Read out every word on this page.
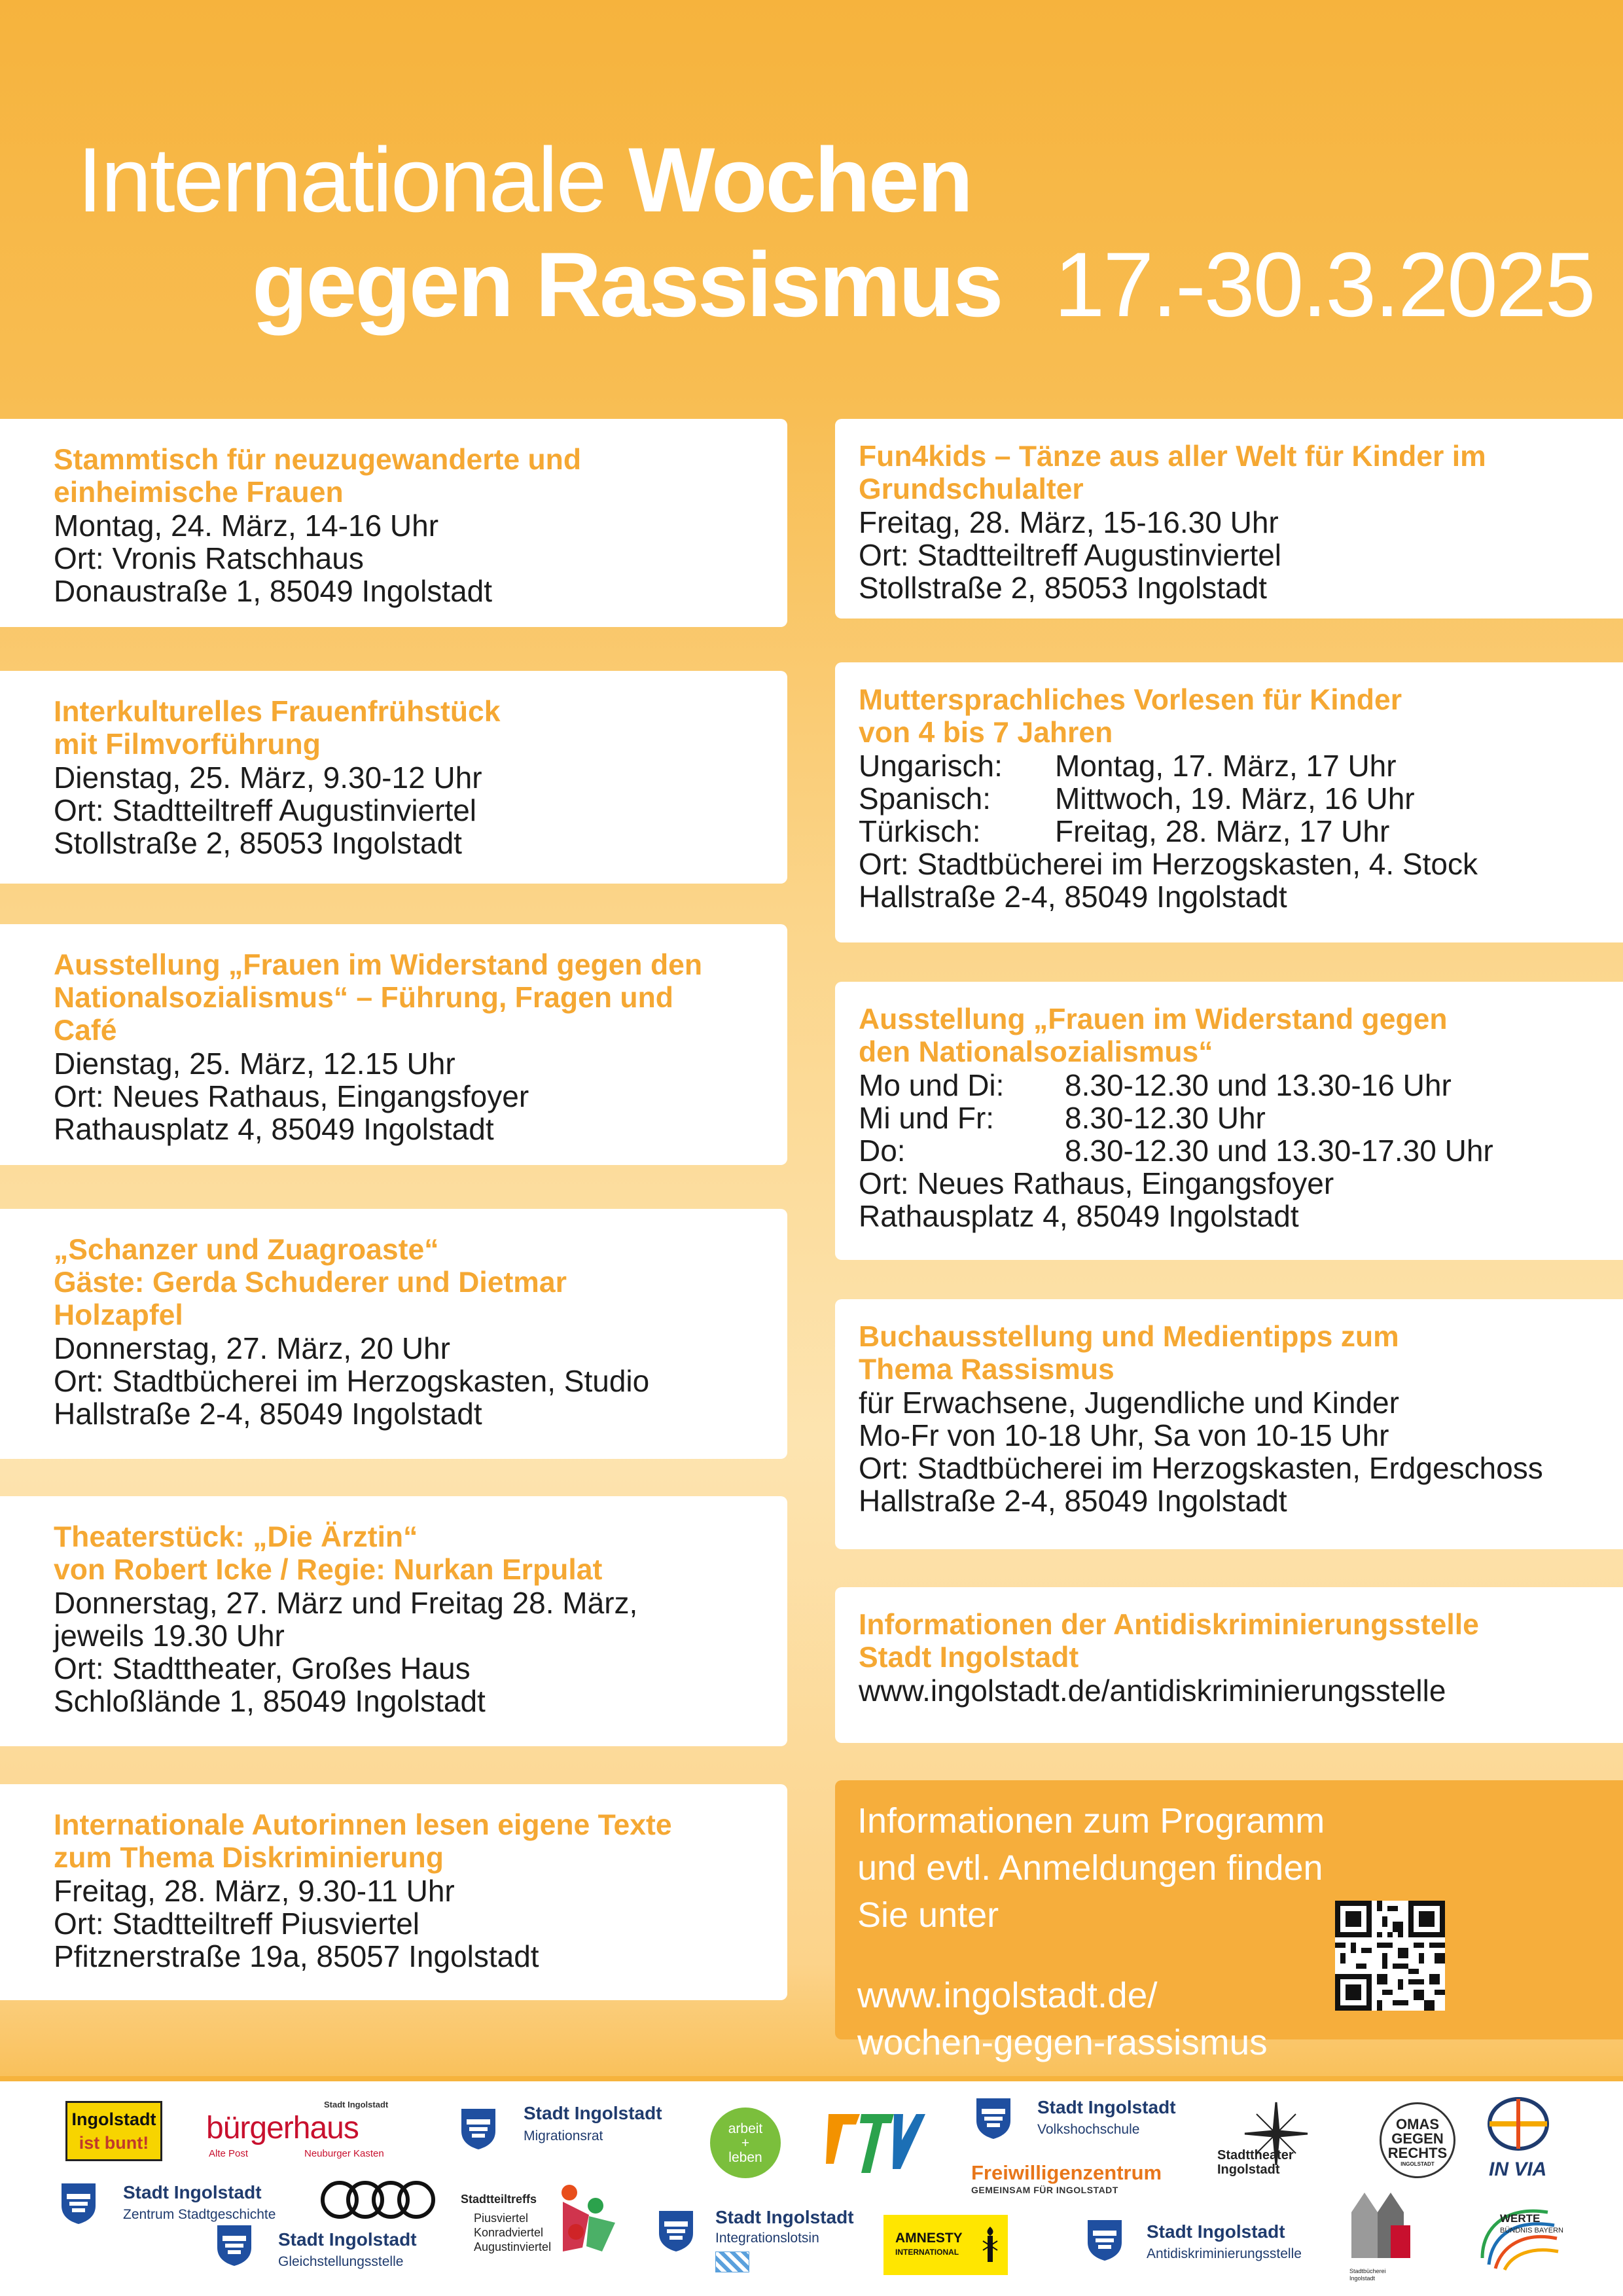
Internationale Wochen
gegen Rassismus 17.-30.3.2025
Stammtisch für neuzugewanderte und
einheimische Frauen

Montag, 24. März, 14-16 Uhr
Ort: Vronis Ratschhaus
Donaustraße 1, 85049 Ingolstadt

Interkulturelles Frauenfrühstück
mit Filmvorführung

Dienstag, 25. März, 9.30-12 Uhr
Ort: Stadtteiltreff Augustinviertel
Stollstraße 2, 85053 Ingolstadt

Ausstellung „Frauen im Widerstand gegen den
Nationalsozialismus“ – Führung, Fragen und
Café

Dienstag, 25. März, 12.15 Uhr
Ort: Neues Rathaus, Eingangsfoyer
Rathausplatz 4, 85049 Ingolstadt

„Schanzer und Zuagroaste“
Gäste: Gerda Schuderer und Dietmar
Holzapfel

Donnerstag, 27. März, 20 Uhr
Ort: Stadtbücherei im Herzogskasten, Studio
Hallstraße 2-4, 85049 Ingolstadt

Theaterstück: „Die Ärztin“
von Robert Icke / Regie: Nurkan Erpulat

Donnerstag, 27. März und Freitag 28. März,
jeweils 19.30 Uhr
Ort: Stadttheater, Großes Haus
Schloßlände 1, 85049 Ingolstadt

Internationale Autorinnen lesen eigene Texte
zum Thema Diskriminierung

Freitag, 28. März, 9.30-11 Uhr
Ort: Stadtteiltreff Piusviertel
Pfitznerstraße 19a, 85057 Ingolstadt

Fun4kids – Tänze aus aller Welt für Kinder im
Grundschulalter

Freitag, 28. März, 15-16.30 Uhr
Ort: Stadtteiltreff Augustinviertel
Stollstraße 2, 85053 Ingolstadt

Muttersprachliches Vorlesen für Kinder
von 4 bis 7 Jahren
Ungarisch:	Montag, 17. März, 17 Uhr
Spanisch:	Mittwoch, 19. März, 16 Uhr
Türkisch:	Freitag, 28. März, 17 Uhr

Ort: Stadtbücherei im Herzogskasten, 4. Stock
Hallstraße 2-4, 85049 Ingolstadt

Ausstellung „Frauen im Widerstand gegen
den Nationalsozialismus“
Mo und Di:	8.30-12.30 und 13.30-16 Uhr
Mi und Fr:	8.30-12.30 Uhr
Do:	8.30-12.30 und 13.30-17.30 Uhr

Ort: Neues Rathaus, Eingangsfoyer
Rathausplatz 4, 85049 Ingolstadt

Buchausstellung und Medientipps zum
Thema Rassismus

für Erwachsene, Jugendliche und Kinder
Mo-Fr von 10-18 Uhr, Sa von 10-15 Uhr
Ort: Stadtbücherei im Herzogskasten, Erdgeschoss
Hallstraße 2-4, 85049 Ingolstadt

Informationen der Antidiskriminierungsstelle
Stadt Ingolstadt

www.ingolstadt.de/antidiskriminierungsstelle

Informationen zum Programm und evtl. Anmeldungen finden Sie unter

www.ingolstadt.de/
wochen-gegen-rassismus
Ingolstadt
ist bunt!
Stadt Ingolstadt
bürgerhaus
Alte Post	Neuburger Kasten
Stadt Ingolstadt
Migrationsrat	arbeit
+
leben
Stadt Ingolstadt
Volkshochschule
Freiwilligenzentrum
GEMEINSAM FÜR INGOLSTADT
Stadttheater
Ingolstadt
OMAS
GEGEN
RECHTS
INGOLSTADT	IN VIA
Stadt Ingolstadt
Zentrum Stadtgeschichte
Stadt Ingolstadt
Gleichstellungsstelle
Stadtteiltreffs
Piusviertel
Konradviertel
Augustinviertel
Stadt Ingolstadt
Integrationslotsin	AMNESTY
INTERNATIONAL
Stadt Ingolstadt
Antidiskriminierungsstelle
Stadtbücherei
Ingolstadt
WERTE
BÜNDNIS BAYERN
